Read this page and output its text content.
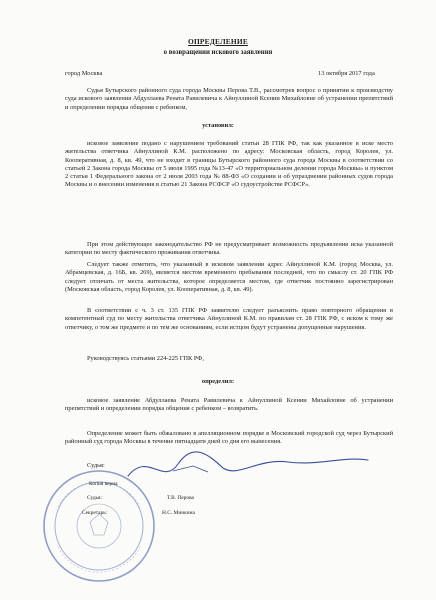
ОПРЕДЕЛЕНИЕ
о возвращении искового заявления
город Москва	13 октября 2017 года
Судья Бутырского районного суда города Москвы Перова Т.В., рассмотрев вопрос о принятии к производству суда искового заявления Абдуллаева Рената Равилевича к Айнуллиной Ксении Михайловне об устранении препятствий и определении порядка общения с ребенком,
установил:
исковое заявление подано с нарушением требований статьи 28 ГПК РФ, так как указанное в иске место жительства ответчика Айнуллиной К.М. расположено по адресу: Московская область, город Королев, ул. Кооперативная, д. 8, кв. 49, что не входит в границы Бутырского районного суда города Москвы в соответствии со статьей 2 Закона города Москвы от 5 июля 1995 года №13-47 «О территориальном делении города Москвы» и пунктом 2 статьи 1 Федерального закона от 2 июля 2003 года № 88-ФЗ «О создании и об упразднении районных судов города Москвы и о внесении изменения в статью 21 Закона РСФСР «О судоустройстве РСФСР».
При этом действующее законодательство РФ не предусматривает возможность предъявления иска указанной категории по месту фактического проживания ответчика.
Следует также отметить, что указанный в исковом заявлении адрес Айнуллиной К.М. (город Москва, ул. Абрамцевская, д. 16Б, кв. 269), является местом временного пребывания последней, что по смыслу ст. 20 ГПК РФ следует отличать от места жительства, которое определяется местом, где ответчик постоянно зарегистрирован (Московская область, город Королев, ул. Кооперативная, д. 8, кв. 49).
В соответствии с ч. 3 ст. 135 ГПК РФ заявителю следует разъяснить право повторного обращения в компетентный суд по месту жительства ответчика Айнуллиной К.М. по правилам ст. 28 ГПК РФ, с иском к тому же ответчику, о том же предмете и по тем же основаниям, если истцом будут устранены допущенные нарушения.
Руководствуясь статьями 224-225 ГПК РФ,
определил:
исковое заявление Абдуллаева Рената Равилевича к Айнуллиной Ксении Михайловне об устранении препятствий и определении порядка общения с ребенком – возвратить.
Определение может быть обжаловано в апелляционном порядке в Московский городской суд через Бутырский районный суд города Москвы в течение пятнадцати дней со дня его вынесения.
Судья:
Копия верна
Судья:	Т.В. Перова
Секретарь:	Н.С. Минкина
